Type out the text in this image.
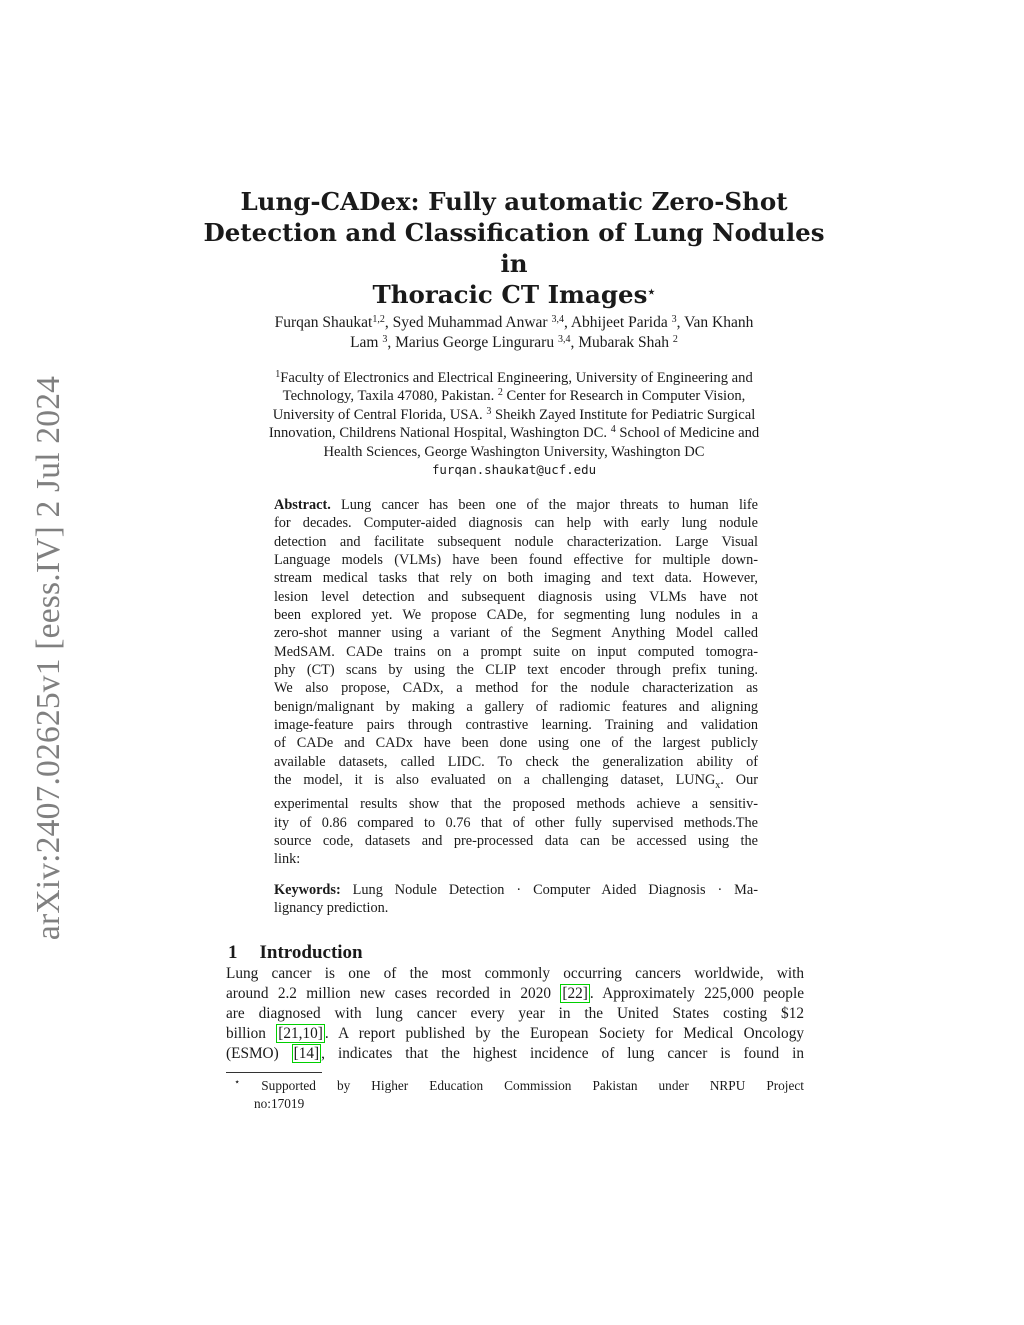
arXiv:2407.02625v1 [eess.IV] 2 Jul 2024
Lung-CADex: Fully automatic Zero-Shot
Detection and Classification of Lung Nodules in
Thoracic CT Images⋆
Furqan Shaukat$^{1,2}$, Syed Muhammad Anwar $^{3,4}$, Abhijeet Parida $^3$, Van Khanh
Lam $^3$, Marius George Linguraru $^{3,4}$, Mubarak Shah $^2$
$^1$Faculty of Electronics and Electrical Engineering, University of Engineering and
Technology, Taxila 47080, Pakistan. $^2$ Center for Research in Computer Vision,
University of Central Florida, USA. $^3$ Sheikh Zayed Institute for Pediatric Surgical
Innovation, Childrens National Hospital, Washington DC. $^4$ School of Medicine and
Health Sciences, George Washington University, Washington DC
furqan.shaukat@ucf.edu
Abstract. Lung cancer has been one of the major threats to human life
for decades. Computer-aided diagnosis can help with early lung nodule
detection and facilitate subsequent nodule characterization. Large Visual
Language models (VLMs) have been found effective for multiple down-
stream medical tasks that rely on both imaging and text data. However,
lesion level detection and subsequent diagnosis using VLMs have not
been explored yet. We propose CADe, for segmenting lung nodules in a
zero-shot manner using a variant of the Segment Anything Model called
MedSAM. CADe trains on a prompt suite on input computed tomogra-
phy (CT) scans by using the CLIP text encoder through prefix tuning.
We also propose, CADx, a method for the nodule characterization as
benign/malignant by making a gallery of radiomic features and aligning
image-feature pairs through contrastive learning. Training and validation
of CADe and CADx have been done using one of the largest publicly
available datasets, called LIDC. To check the generalization ability of
the model, it is also evaluated on a challenging dataset, $LUNG_x$. Our
experimental results show that the proposed methods achieve a sensitiv-
ity of 0.86 compared to 0.76 that of other fully supervised methods.The
source code, datasets and pre-processed data can be accessed using the
link:
Keywords: Lung Nodule Detection · Computer Aided Diagnosis · Ma-
lignancy prediction.
1 Introduction
Lung cancer is one of the most commonly occurring cancers worldwide, with
around 2.2 million new cases recorded in 2020 [22] . Approximately 225,000 people
are diagnosed with lung cancer every year in the United States costing $12
billion [21,10] . A report published by the European Society for Medical Oncology
(ESMO) [14] , indicates that the highest incidence of lung cancer is found in
⋆ Supported by Higher Education Commission Pakistan under NRPU Project
no:17019
